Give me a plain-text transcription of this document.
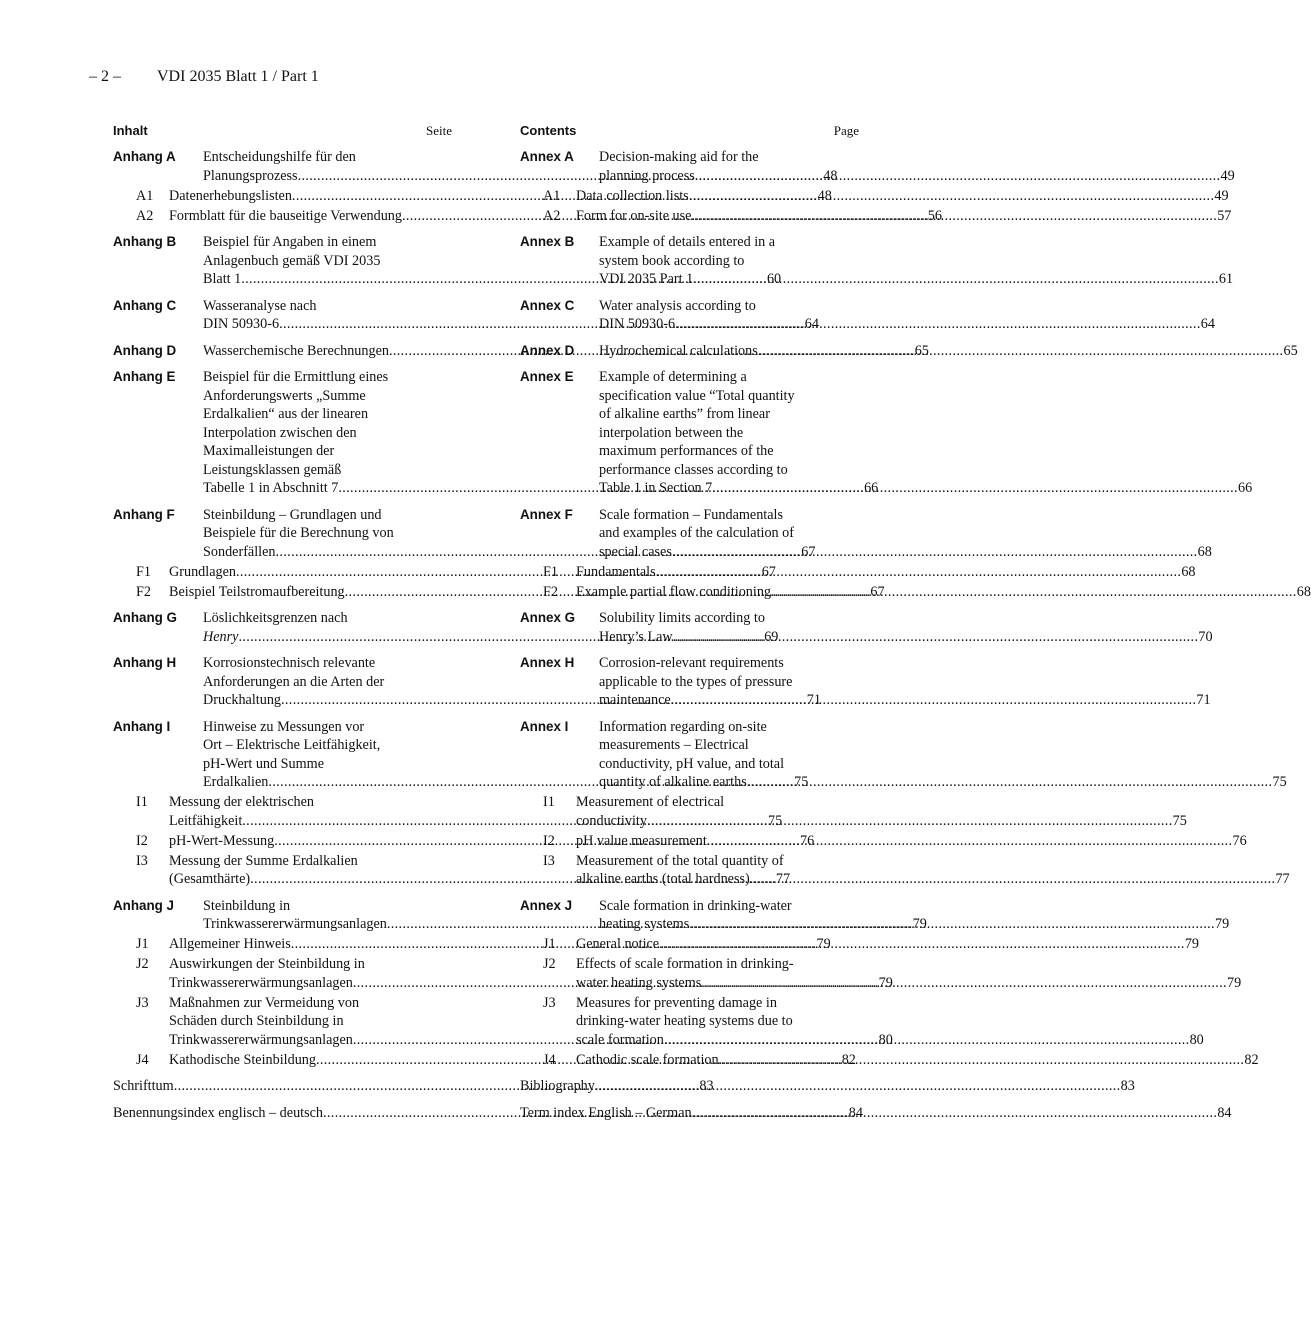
– 2 – VDI 2035 Blatt 1 / Part 1
Inhalt	Seite
Anhang A Entscheidungshilfe für den
Planungsprozess . . .	48
A1 Datenerhebungslisten . . .	48
A2 Formblatt für die bauseitige Verwendung . . .	56
Anhang B Beispiel für Angaben in einem
Anlagenbuch gemäß VDI 2035
Blatt 1 . . .	60
Anhang C Wasseranalyse nach
DIN 50930-6 . . .	64
Anhang D Wasserchemische Berechnungen . . .	65
Anhang E Beispiel für die Ermittlung eines
Anforderungswerts „Summe
Erdalkalien“ aus der linearen
Interpolation zwischen den
Maximalleistungen der
Leistungsklassen gemäß
Tabelle 1 in Abschnitt 7 . . .	66
Anhang F Steinbildung – Grundlagen und
Beispiele für die Berechnung von
Sonderfällen . . .	67
F1 Grundlagen . . .	67
F2 Beispiel Teilstromaufbereitung . . .	67
Anhang G Löslichkeitsgrenzen nach
Henry . . .	69
Anhang H Korrosionstechnisch relevante
Anforderungen an die Arten der
Druckhaltung . . .	71
Anhang I Hinweise zu Messungen vor
Ort – Elektrische Leitfähigkeit,
pH-Wert und Summe
Erdalkalien . . .	75
I1 Messung der elektrischen
Leitfähigkeit . . .	75
I2 pH-Wert-Messung . . .	76
I3 Messung der Summe Erdalkalien
(Gesamthärte) . . .	77
Anhang J Steinbildung in
Trinkwassererwärmungsanlagen . . .	79
J1 Allgemeiner Hinweis . . .	79
J2 Auswirkungen der Steinbildung in
Trinkwassererwärmungsanlagen . . .	79
J3 Maßnahmen zur Vermeidung von
Schäden durch Steinbildung in
Trinkwassererwärmungsanlagen . . .	80
J4 Kathodische Steinbildung . . .	82
Schrifttum . . .	83
Benennungsindex englisch – deutsch . . .	84
Contents	Page
Annex A Decision-making aid for the
planning process . . .	49
A1 Data collection lists . . .	49
A2 Form for on-site use . . .	57
Annex B Example of details entered in a
system book according to
VDI 2035 Part 1 . . .	61
Annex C Water analysis according to
DIN 50930-6 . . .	64
Annex D Hydrochemical calculations . . .	65
Annex E Example of determining a
specification value “Total quantity
of alkaline earths” from linear
interpolation between the
maximum performances of the
performance classes according to
Table 1 in Section 7 . . .	66
Annex F Scale formation – Fundamentals
and examples of the calculation of
special cases . . .	68
F1 Fundamentals . . .	68
F2 Example partial flow conditioning . . .	68
Annex G Solubility limits according to
Henry’s Law . . .	70
Annex H Corrosion-relevant requirements
applicable to the types of pressure
maintenance . . .	71
Annex I Information regarding on-site
measurements – Electrical
conductivity, pH value, and total
quantity of alkaline earths . . .	75
I1 Measurement of electrical
conductivity . . .	75
I2 pH value measurement . . .	76
I3 Measurement of the total quantity of
alkaline earths (total hardness) . . .	77
Annex J Scale formation in drinking-water
heating systems . . .	79
J1 General notice . . .	79
J2 Effects of scale formation in drinking-
water heating systems . . .	79
J3 Measures for preventing damage in
drinking-water heating systems due to
scale formation . . .	80
J4 Cathodic scale formation . . .	82
Bibliography . . .	83
Term index English – German . . .	84
